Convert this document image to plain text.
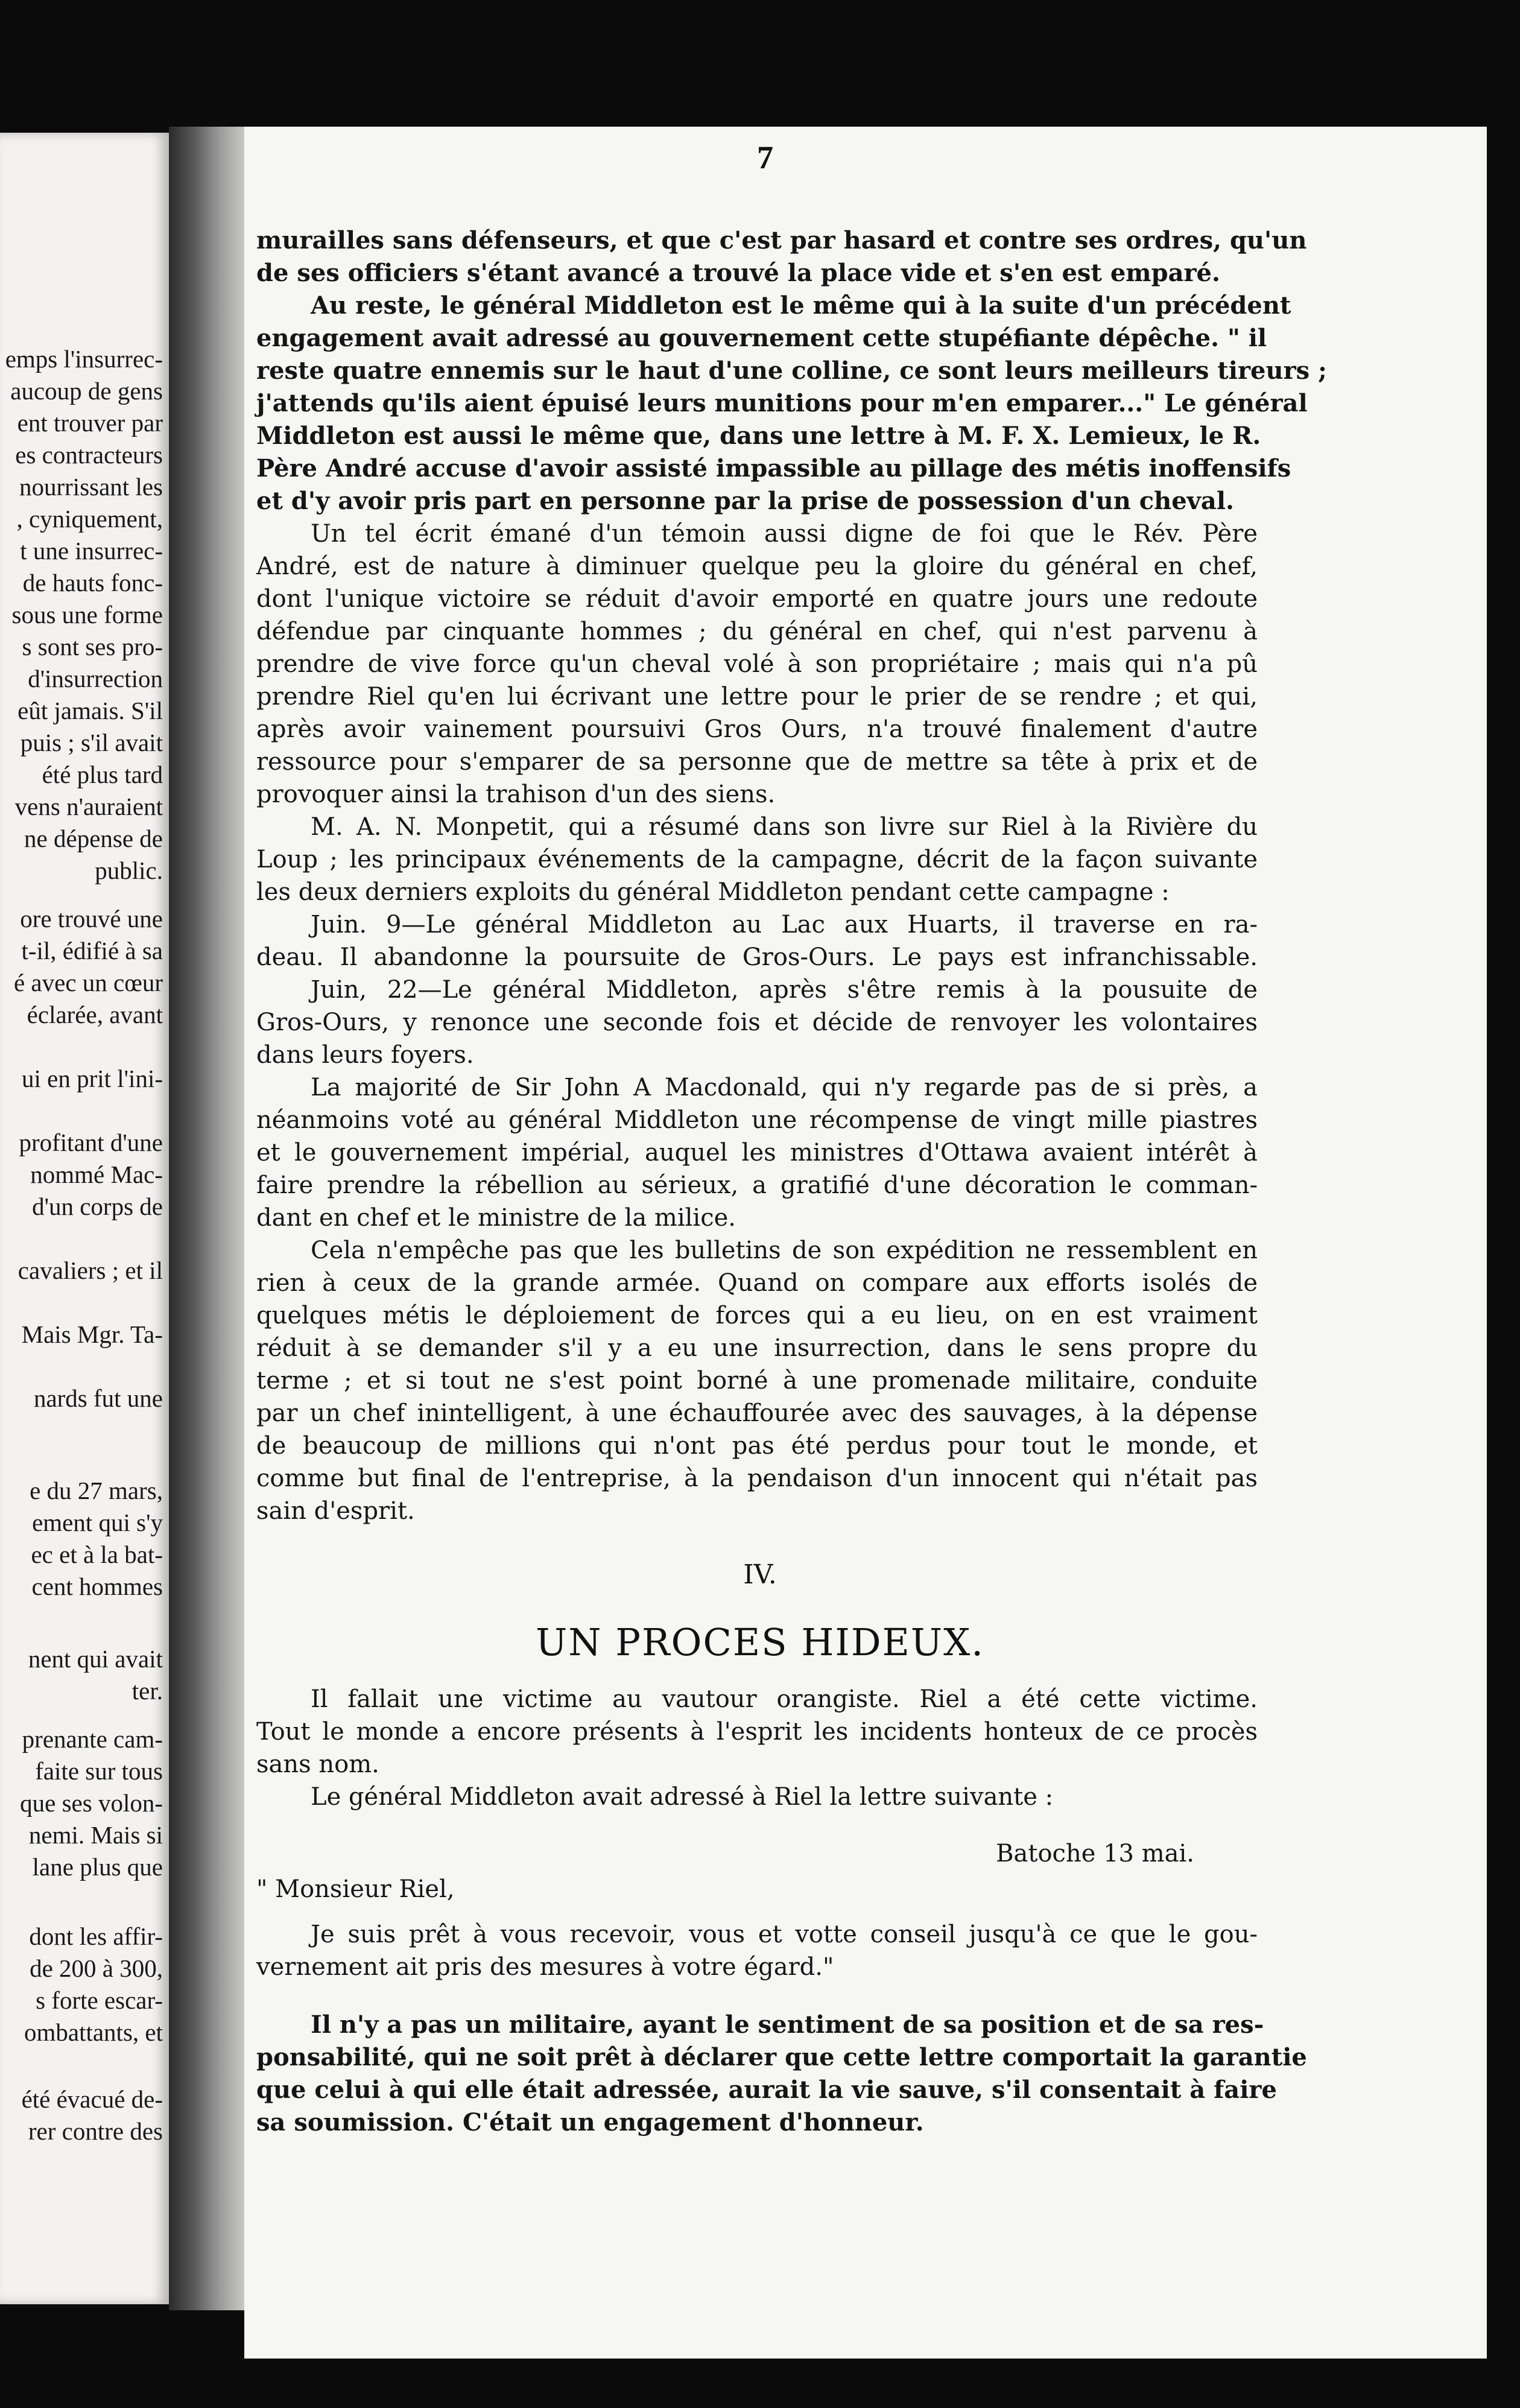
emps l'insurrec-
aucoup de gens
ent trouver par
es contracteurs
nourrissant les
, cyniquement,
t une insurrec-
de hauts fonc-
sous une forme
s sont ses pro-
d'insurrection
eût jamais. S'il
puis ; s'il avait
été plus tard
vens n'auraient
ne dépense de
public.
ore trouvé une
t-il, édifié à sa
é avec un cœur
éclarée, avant
ui en prit l'ini-
profitant d'une
nommé Mac-
d'un corps de
cavaliers ; et il
Mais Mgr. Ta-
nards fut une
e du 27 mars,
ement qui s'y
ec et à la bat-
cent hommes
nent qui avait
ter.
prenante cam-
faite sur tous
que ses volon-
nemi. Mais si
lane plus que
dont les affir-
de 200 à 300,
s forte escar-
ombattants, et
été évacué de-
rer contre des
7
murailles sans défenseurs, et que c'est par hasard et contre ses ordres, qu'un
de ses officiers s'étant avancé a trouvé la place vide et s'en est emparé.
Au reste, le général Middleton est le même qui à la suite d'un précédent
engagement avait adressé au gouvernement cette stupéfiante dépêche. " il
reste quatre ennemis sur le haut d'une colline, ce sont leurs meilleurs tireurs ;
j'attends qu'ils aient épuisé leurs munitions pour m'en emparer..." Le général
Middleton est aussi le même que, dans une lettre à M. F. X. Lemieux, le R.
Père André accuse d'avoir assisté impassible au pillage des métis inoffensifs
et d'y avoir pris part en personne par la prise de possession d'un cheval.
Un tel écrit émané d'un témoin aussi digne de foi que le Rév. Père
André, est de nature à diminuer quelque peu la gloire du général en chef,
dont l'unique victoire se réduit d'avoir emporté en quatre jours une redoute
défendue par cinquante hommes ; du général en chef, qui n'est parvenu à
prendre de vive force qu'un cheval volé à son propriétaire ; mais qui n'a pû
prendre Riel qu'en lui écrivant une lettre pour le prier de se rendre ; et qui,
après avoir vainement poursuivi Gros Ours, n'a trouvé finalement d'autre
ressource pour s'emparer de sa personne que de mettre sa tête à prix et de
provoquer ainsi la trahison d'un des siens.
M. A. N. Monpetit, qui a résumé dans son livre sur Riel à la Rivière du
Loup ; les principaux événements de la campagne, décrit de la façon suivante
les deux derniers exploits du général Middleton pendant cette campagne :
Juin. 9—Le général Middleton au Lac aux Huarts, il traverse en ra-
deau. Il abandonne la poursuite de Gros-Ours. Le pays est infranchissable.
Juin, 22—Le général Middleton, après s'être remis à la pousuite de
Gros-Ours, y renonce une seconde fois et décide de renvoyer les volontaires
dans leurs foyers.
La majorité de Sir John A Macdonald, qui n'y regarde pas de si près, a
néanmoins voté au général Middleton une récompense de vingt mille piastres
et le gouvernement impérial, auquel les ministres d'Ottawa avaient intérêt à
faire prendre la rébellion au sérieux, a gratifié d'une décoration le comman-
dant en chef et le ministre de la milice.
Cela n'empêche pas que les bulletins de son expédition ne ressemblent en
rien à ceux de la grande armée. Quand on compare aux efforts isolés de
quelques métis le déploiement de forces qui a eu lieu, on en est vraiment
réduit à se demander s'il y a eu une insurrection, dans le sens propre du
terme ; et si tout ne s'est point borné à une promenade militaire, conduite
par un chef inintelligent, à une échauffourée avec des sauvages, à la dépense
de beaucoup de millions qui n'ont pas été perdus pour tout le monde, et
comme but final de l'entreprise, à la pendaison d'un innocent qui n'était pas
sain d'esprit.
IV.
UN PROCES HIDEUX.
Il fallait une victime au vautour orangiste. Riel a été cette victime.
Tout le monde a encore présents à l'esprit les incidents honteux de ce procès
sans nom.
Le général Middleton avait adressé à Riel la lettre suivante :
Batoche 13 mai.
" Monsieur Riel,
Je suis prêt à vous recevoir, vous et votte conseil jusqu'à ce que le gou-
vernement ait pris des mesures à votre égard."
Il n'y a pas un militaire, ayant le sentiment de sa position et de sa res-
ponsabilité, qui ne soit prêt à déclarer que cette lettre comportait la garantie
que celui à qui elle était adressée, aurait la vie sauve, s'il consentait à faire
sa soumission. C'était un engagement d'honneur.
